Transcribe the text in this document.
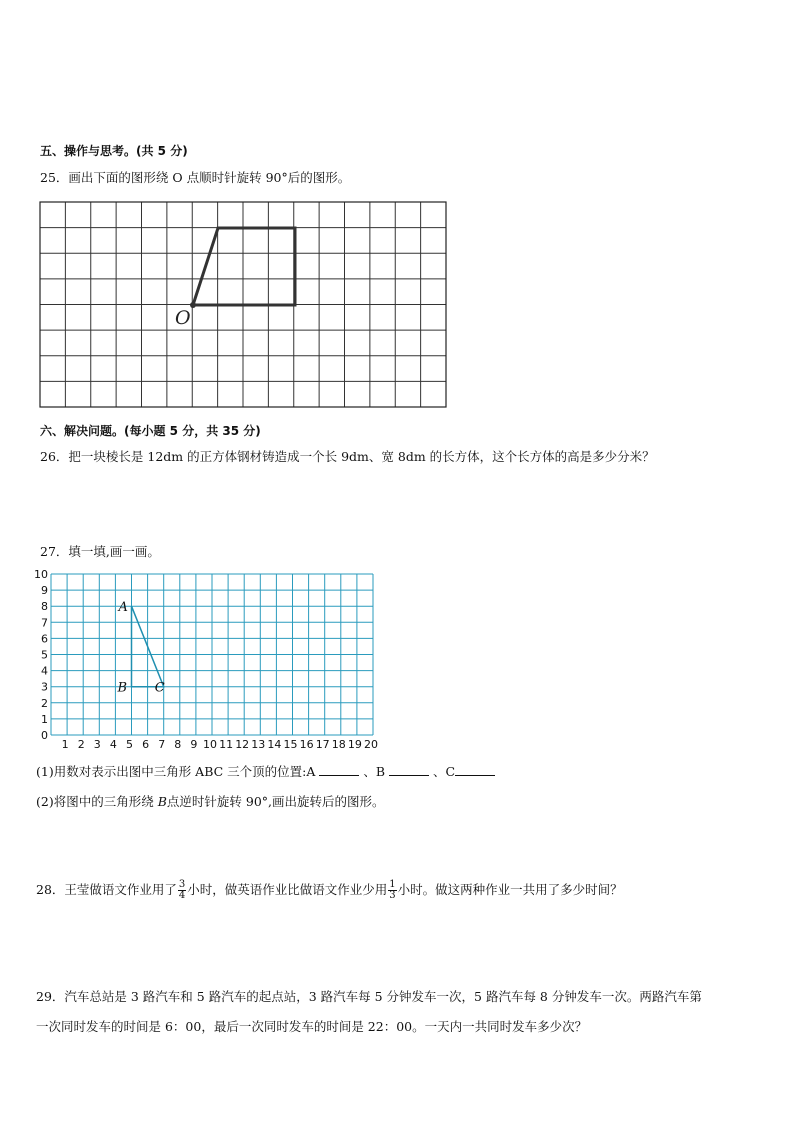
五、操作与思考。(共 5 分)
25．画出下面的图形绕 O 点顺时针旋转 90°后的图形。
O
六、解决问题。(每小题 5 分，共 35 分)
26．把一块棱长是 12dm 的正方体钢材铸造成一个长 9dm、宽 8dm 的长方体，这个长方体的高是多少分米？
27．填一填,画一画。
10
9
8
7
6
5
4
3
2
1
0
1 2 3 4 5 6 7 8 9 10 11 12 13 14 15 16 17 18 19 20
A
B C
(1)用数对表示出图中三角形 ABC 三个顶的位置:A	、B	、C
(2)将图中的三角形绕 B点逆时针旋转 90°,画出旋转后的图形。
28．王莹做语文作业用了 $\frac{3}{4}$ 小时，做英语作业比做语文作业少用 $\frac{1}{3}$ 小时。做这两种作业一共用了多少时间？
29．汽车总站是 3 路汽车和 5 路汽车的起点站，3 路汽车每 5 分钟发车一次，5 路汽车每 8 分钟发车一次。两路汽车第
一次同时发车的时间是 6：00，最后一次同时发车的时间是 22：00。一天内一共同时发车多少次？
